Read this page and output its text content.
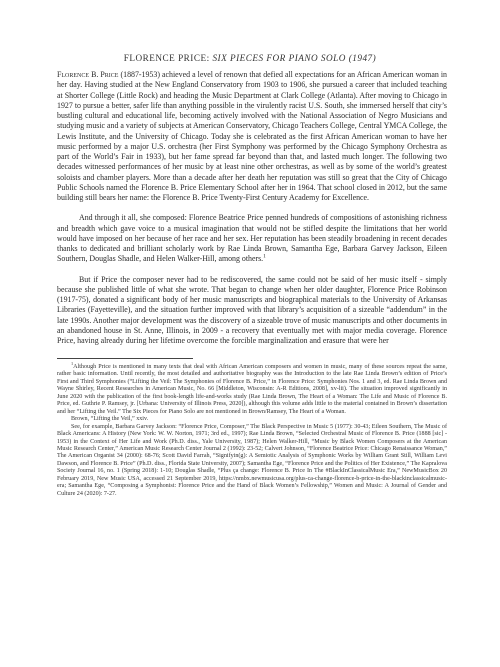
FLORENCE PRICE: SIX PIECES FOR PIANO SOLO (1947)

Florence B. Price (1887-1953) achieved a level of renown that defied all expectations for an African American woman in her day. Having studied at the New England Conservatory from 1903 to 1906, she pursued a career that included teaching at Shorter College (Little Rock) and heading the Music Department at Clark College (Atlanta). After moving to Chicago in 1927 to pursue a better, safer life than anything possible in the virulently racist U.S. South, she immersed herself that city’s bustling cultural and educational life, becoming actively involved with the National Association of Negro Musicians and studying music and a variety of subjects at American Conservatory, Chicago Teachers College, Central YMCA College, the Lewis Institute, and the University of Chicago. Today she is celebrated as the first African American woman to have her music performed by a major U.S. orchestra (her First Symphony was performed by the Chicago Symphony Orchestra as part of the World’s Fair in 1933), but her fame spread far beyond than that, and lasted much longer. The following two decades witnessed performances of her music by at least nine other orchestras, as well as by some of the world’s greatest soloists and chamber players. More than a decade after her death her reputation was still so great that the City of Chicago Public Schools named the Florence B. Price Elementary School after her in 1964. That school closed in 2012, but the same building still bears her name: the Florence B. Price Twenty-First Century Academy for Excellence.

And through it all, she composed: Florence Beatrice Price penned hundreds of compositions of astonishing richness and breadth which gave voice to a musical imagination that would not be stifled despite the limitations that her world would have imposed on her because of her race and her sex. Her reputation has been steadily broadening in recent decades thanks to dedicated and brilliant scholarly work by Rae Linda Brown, Samantha Ege, Barbara Garvey Jackson, Eileen Southern, Douglas Shadle, and Helen Walker-Hill, among others.$^1$

But if Price the composer never had to be rediscovered, the same could not be said of her music itself - simply because she published little of what she wrote. That began to change when her older daughter, Florence Price Robinson (1917-75), donated a significant body of her music manuscripts and biographical materials to the University of Arkansas Libraries (Fayetteville), and the situation further improved with that library’s acquisition of a sizeable “addendum” in the late 1990s. Another major development was the discovery of a sizeable trove of music manuscripts and other documents in an abandoned house in St. Anne, Illinois, in 2009 - a recovery that eventually met with major media coverage. Florence Price, having already during her lifetime overcome the forcible marginalization and erasure that were her

$^1$Although Price is mentioned in many texts that deal with African American composers and women in music, many of these sources repeat the same, rather basic information. Until recently, the most detailed and authoritative biography was the Introduction to the late Rae Linda Brown’s edition of Price’s First and Third Symphonies (“Lifting the Veil: The Symphonies of Florence B. Price,” in Florence Price: Symphonies Nos. 1 and 3, ed. Rae Linda Brown and Wayne Shirley, Recent Researches in American Music, No. 66 [Middleton, Wisconsin: A-R Editions, 2008], xv-lii). The situation improved significantly in June 2020 with the publication of the first book-length life-and-works study (Rae Linda Brown, The Heart of a Woman: The Life and Music of Florence B. Price, ed. Guthrie P. Ramsey, jr. [Urbana: University of Illinois Press, 2020]), although this volume adds little to the material contained in Brown’s dissertation and her “Lifting the Veil.” The Six Pieces for Piano Solo are not mentioned in Brown/Ramsey, The Heart of a Woman.

Brown, “Lifting the Veil,” xxiv.

See, for example, Barbara Garvey Jackson: “Florence Price, Composer,” The Black Perspective in Music 5 (1977): 30-43; Eileen Southern, The Music of Black Americans: A History (New York: W. W. Norton, 1971; 3rd ed., 1997); Rae Linda Brown, “Selected Orchestral Music of Florence B. Price (1888 [sic] - 1953) in the Context of Her Life and Work (Ph.D. diss., Yale University, 1987); Helen Walker-Hill, “Music by Black Women Composers at the American Music Research Center,” American Music Research Center Journal 2 (1992): 23-52; Calvert Johnson, “Florence Beatrice Price: Chicago Renaissance Woman,” The American Organist 34 (2000): 68-76; Scott David Farrah, “Signifyin(g): A Semiotic Analysis of Symphonic Works by William Grant Still, William Levi Dawson, and Florence B. Price” (Ph.D. diss., Florida State University, 2007); Samantha Ege, “Florence Price and the Politics of Her Existence,” The Kapralova Society Journal 16, no. 1 (Spring 2018): 1-10; Douglas Shadle, “Plus ça change: Florence B. Price In The #BlackInClassicalMusic Era,” NewMusicBox 20 February 2019, New Music USA, accessed 21 September 2019, https://nmbx.newmusicusa.org/plus-ca-change-florence-b-price-in-the-blackinclassicalmusic-era; Samantha Ege, “Composing a Symphonist: Florence Price and the Hand of Black Women’s Fellowship,” Women and Music: A Journal of Gender and Culture 24 (2020): 7-27.
